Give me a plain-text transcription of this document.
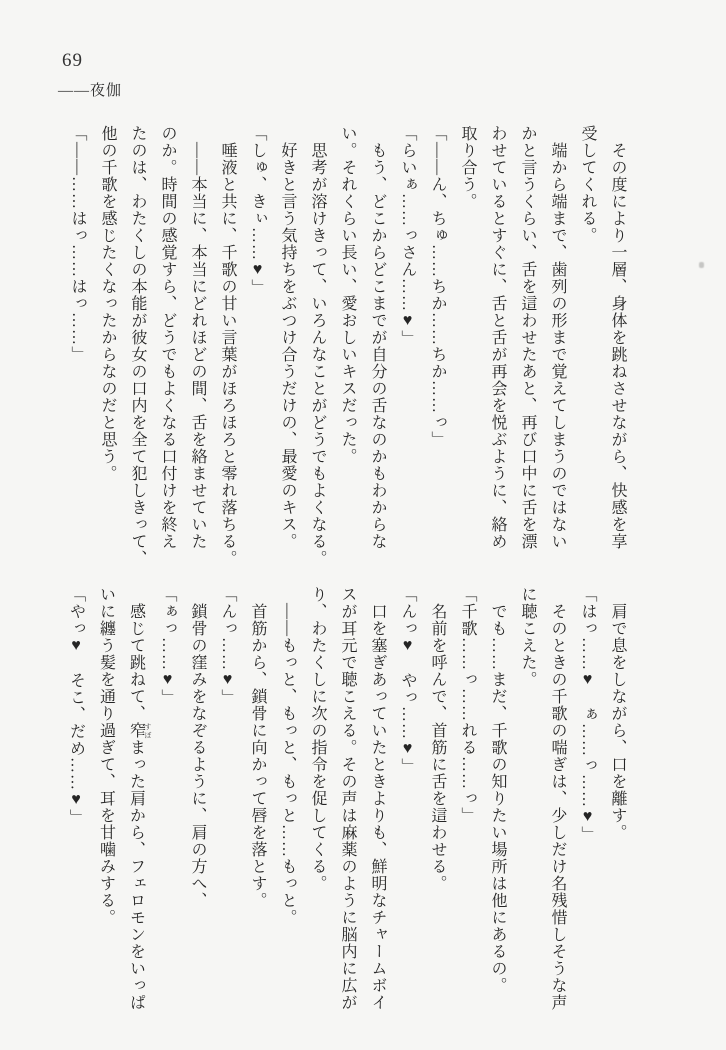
69
――夜伽

その度により一層、身体を跳ねさせながら、快感を享

受してくれる。

端から端まで、歯列の形まで覚えてしまうのではない

かと言うくらい、舌を這わせたあと、再び口中に舌を漂

わせているとすぐに、舌と舌が再会を悦ぶように、絡め

取り合う。

「――ん、ちゅ……ちか……ちか……っ」

「らいぁ……っさん……♥」

もう、どこからどこまでが自分の舌なのかもわからな

い。それくらい長い、愛おしいキスだった。

思考が溶けきって、いろんなことがどうでもよくなる。

好きと言う気持ちをぶつけ合うだけの、最愛のキス。

「しゅ、きぃ……♥」

唾液と共に、千歌の甘い言葉がほろほろと零れ落ちる。

――本当に、本当にどれほどの間、舌を絡ませていた

のか。時間の感覚すら、どうでもよくなる口付けを終え

たのは、わたくしの本能が彼女の口内を全て犯しきって、

他の千歌を感じたくなったからなのだと思う。

「――……はっ……はっ……」

肩で息をしながら、口を離す。

「はっ……♥　ぁ……っ……♥」

そのときの千歌の喘ぎは、少しだけ名残惜しそうな声

に聴こえた。

でも……まだ、千歌の知りたい場所は他にあるの。

「千歌……っ……れる……っ」

名前を呼んで、首筋に舌を這わせる。

「んっ♥　やっ……♥」

口を塞ぎあっていたときよりも、鮮明なチャームボイ

スが耳元で聴こえる。その声は麻薬のように脳内に広が

り、わたくしに次の指令を促してくる。

――もっと、もっと、もっと……もっと。

首筋から、鎖骨に向かって唇を落とす。

「んっ……♥」

鎖骨の窪みをなぞるように、肩の方へ、

「ぁっ……♥」

感じて跳ねて、窄 すぼまった肩から、フェロモンをいっぱ

いに纏う髪を通り過ぎて、耳を甘噛みする。

「やっ♥　そこ、だめ……♥」
